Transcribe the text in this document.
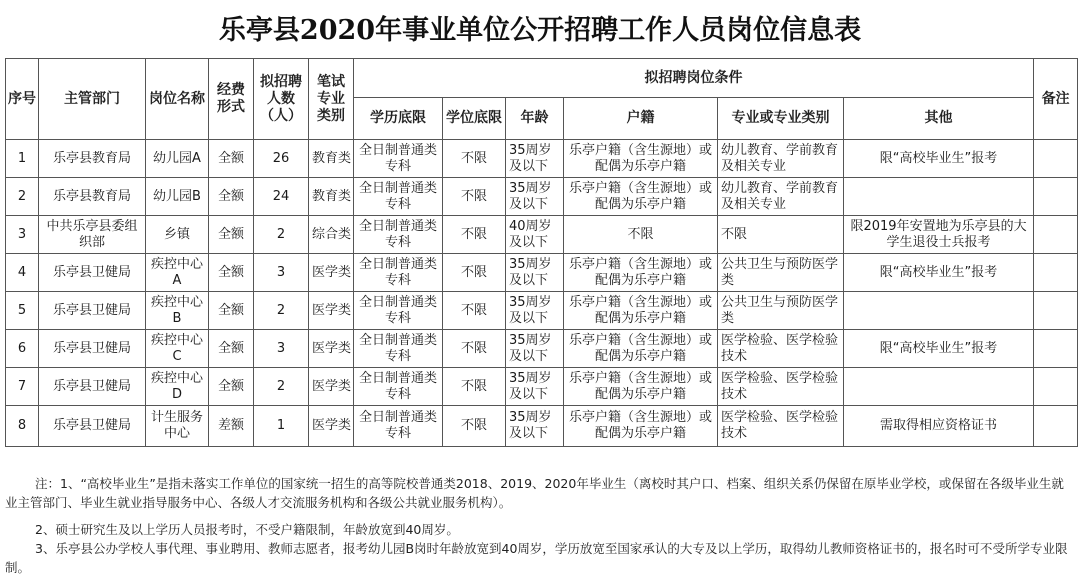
乐亭县2020年事业单位公开招聘工作人员岗位信息表
序号	主管部门	岗位名称	经费形式	拟招聘人数（人）	笔试专业类别	拟招聘岗位条件						备注
						学历底限	学位底限	年龄	户籍	专业或专业类别	其他	
1	乐亭县教育局	幼儿园A	全额	26	教育类	全日制普通类专科	不限	35周岁及以下	乐亭户籍（含生源地）或配偶为乐亭户籍	幼儿教育、学前教育及相关专业	限“高校毕业生”报考	
2	乐亭县教育局	幼儿园B	全额	24	教育类	全日制普通类专科	不限	35周岁及以下	乐亭户籍（含生源地）或配偶为乐亭户籍	幼儿教育、学前教育及相关专业		
3	中共乐亭县委组织部	乡镇	全额	2	综合类	全日制普通类专科	不限	40周岁及以下	不限	不限	限2019年安置地为乐亭县的大学生退役士兵报考	
4	乐亭县卫健局	疾控中心A	全额	3	医学类	全日制普通类专科	不限	35周岁及以下	乐亭户籍（含生源地）或配偶为乐亭户籍	公共卫生与预防医学类	限“高校毕业生”报考	
5	乐亭县卫健局	疾控中心B	全额	2	医学类	全日制普通类专科	不限	35周岁及以下	乐亭户籍（含生源地）或配偶为乐亭户籍	公共卫生与预防医学类		
6	乐亭县卫健局	疾控中心C	全额	3	医学类	全日制普通类专科	不限	35周岁及以下	乐亭户籍（含生源地）或配偶为乐亭户籍	医学检验、医学检验技术	限“高校毕业生”报考	
7	乐亭县卫健局	疾控中心D	全额	2	医学类	全日制普通类专科	不限	35周岁及以下	乐亭户籍（含生源地）或配偶为乐亭户籍	医学检验、医学检验技术		
8	乐亭县卫健局	计生服务中心	差额	1	医学类	全日制普通类专科	不限	35周岁及以下	乐亭户籍（含生源地）或配偶为乐亭户籍	医学检验、医学检验技术	需取得相应资格证书	

注：1、“高校毕业生”是指未落实工作单位的国家统一招生的高等院校普通类2018、2019、2020年毕业生（离校时其户口、档案、组织关系仍保留在原毕业学校，或保留在各级毕业生就业主管部门、毕业生就业指导服务中心、各级人才交流服务机构和各级公共就业服务机构）。

2、硕士研究生及以上学历人员报考时，不受户籍限制，年龄放宽到40周岁。

3、乐亭县公办学校人事代理、事业聘用、教师志愿者，报考幼儿园B岗时年龄放宽到40周岁，学历放宽至国家承认的大专及以上学历，取得幼儿教师资格证书的，报名时可不受所学专业限制。
